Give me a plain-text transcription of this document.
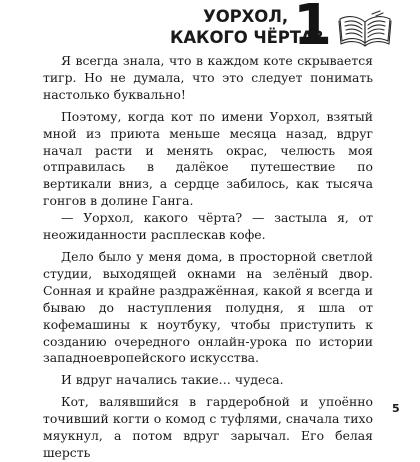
УОРХОЛ,
КАКОГО ЧЁРТА?
1

Я всегда знала, что в каждом коте скрывается тигр. Но не думала, что это следует понимать настолько буквально!

Поэтому, когда кот по имени Уорхол, взятый мной из приюта меньше месяца назад, вдруг начал расти и менять окрас, челюсть моя отправилась в далёкое путешествие по вертикали вниз, а сердце забилось, как тысяча гонгов в долине Ганга.

— Уорхол, какого чёрта? — застыла я, от неожиданности расплескав кофе.

Дело было у меня дома, в просторной светлой студии, выходящей окнами на зелёный двор. Сонная и крайне раздражённая, какой я всегда и бываю до наступления полудня, я шла от кофемашины к ноутбуку, чтобы приступить к созданию очередного онлайн-урока по истории западноевропейского искусства.

И вдруг начались такие… чудеса.

Кот, валявшийся в гардеробной и упоённо точивший когти о комод с туфлями, сначала тихо мяукнул, а потом вдруг зарычал. Его белая шерсть

5
